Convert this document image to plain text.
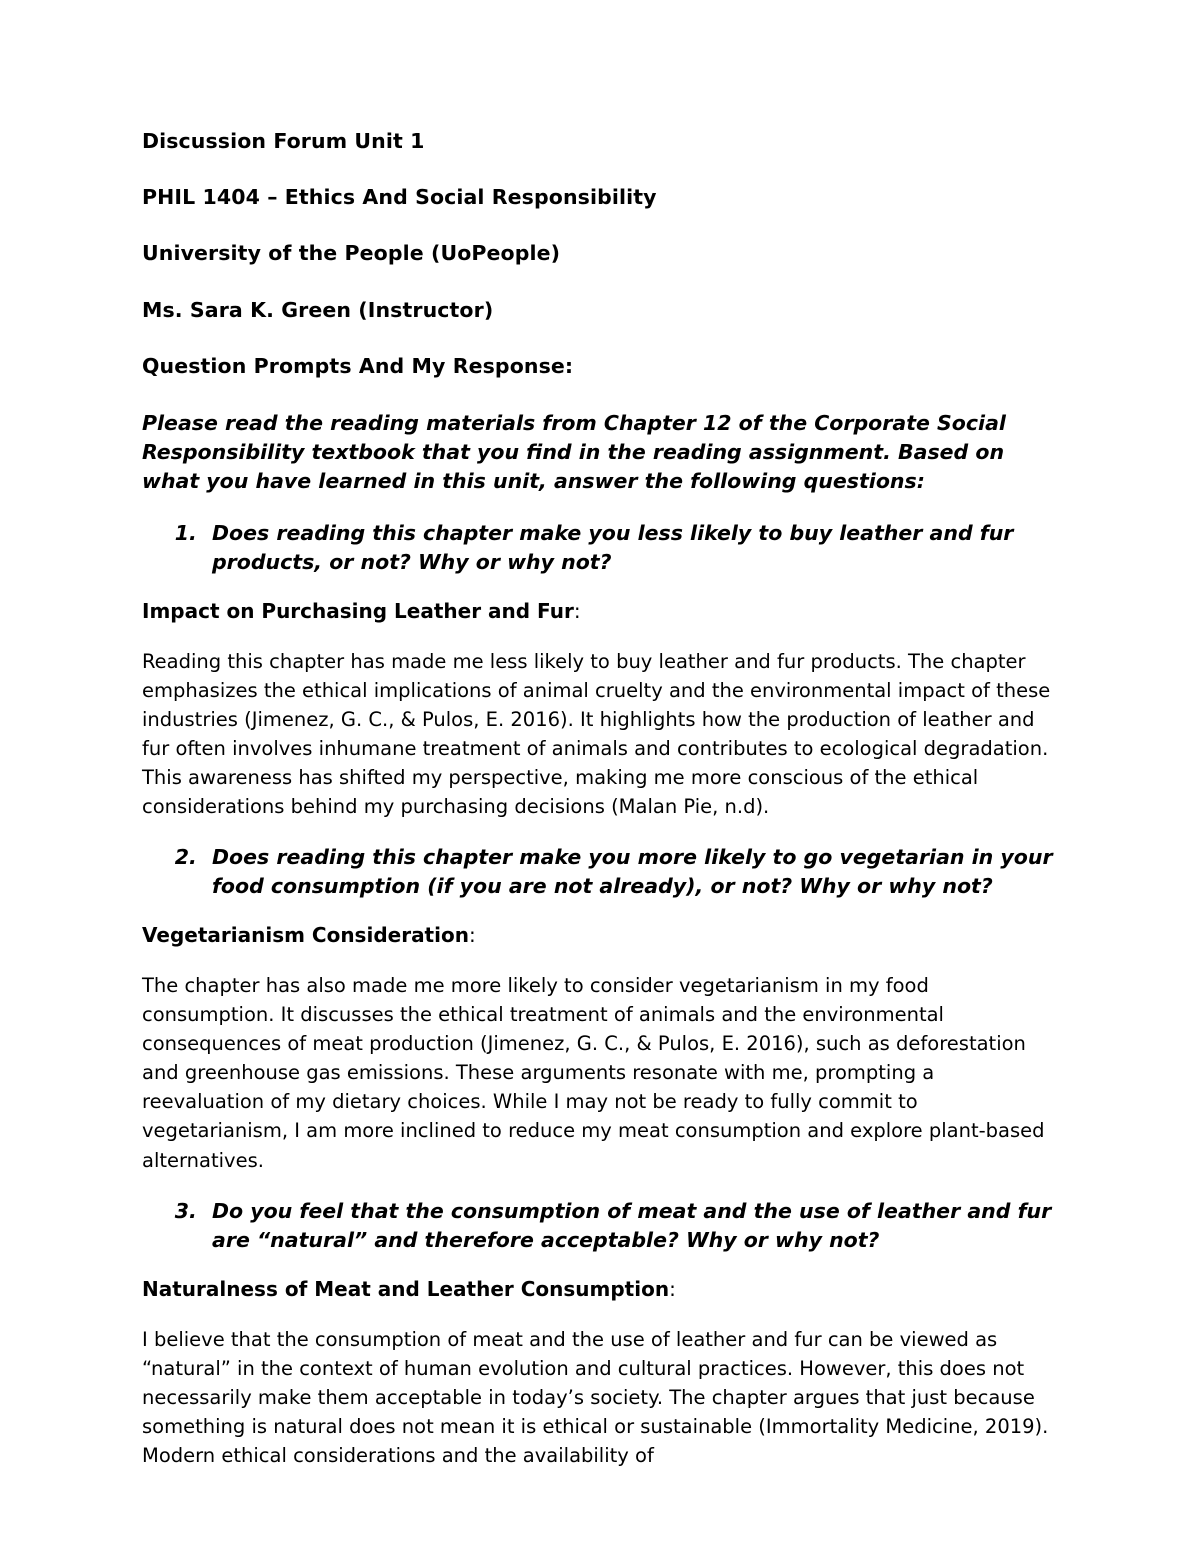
Discussion Forum Unit 1
PHIL 1404 – Ethics And Social Responsibility
University of the People (UoPeople)
Ms. Sara K. Green (Instructor)
Question Prompts And My Response:

Please read the reading materials from Chapter 12 of the Corporate Social Responsibility textbook that you find in the reading assignment. Based on what you have learned in this unit, answer the following questions:

1. Does reading this chapter make you less likely to buy leather and fur products, or not? Why or why not?

Impact on Purchasing Leather and Fur:

Reading this chapter has made me less likely to buy leather and fur products. The chapter emphasizes the ethical implications of animal cruelty and the environmental impact of these industries (Jimenez, G. C., & Pulos, E. 2016). It highlights how the production of leather and fur often involves inhumane treatment of animals and contributes to ecological degradation. This awareness has shifted my perspective, making me more conscious of the ethical considerations behind my purchasing decisions (Malan Pie, n.d).

2. Does reading this chapter make you more likely to go vegetarian in your food consumption (if you are not already), or not? Why or why not?

Vegetarianism Consideration:

The chapter has also made me more likely to consider vegetarianism in my food consumption. It discusses the ethical treatment of animals and the environmental consequences of meat production (Jimenez, G. C., & Pulos, E. 2016), such as deforestation and greenhouse gas emissions. These arguments resonate with me, prompting a reevaluation of my dietary choices. While I may not be ready to fully commit to vegetarianism, I am more inclined to reduce my meat consumption and explore plant-based alternatives.

3. Do you feel that the consumption of meat and the use of leather and fur are “natural” and therefore acceptable? Why or why not?

Naturalness of Meat and Leather Consumption:

I believe that the consumption of meat and the use of leather and fur can be viewed as “natural” in the context of human evolution and cultural practices. However, this does not necessarily make them acceptable in today’s society. The chapter argues that just because something is natural does not mean it is ethical or sustainable (Immortality Medicine, 2019). Modern ethical considerations and the availability of
